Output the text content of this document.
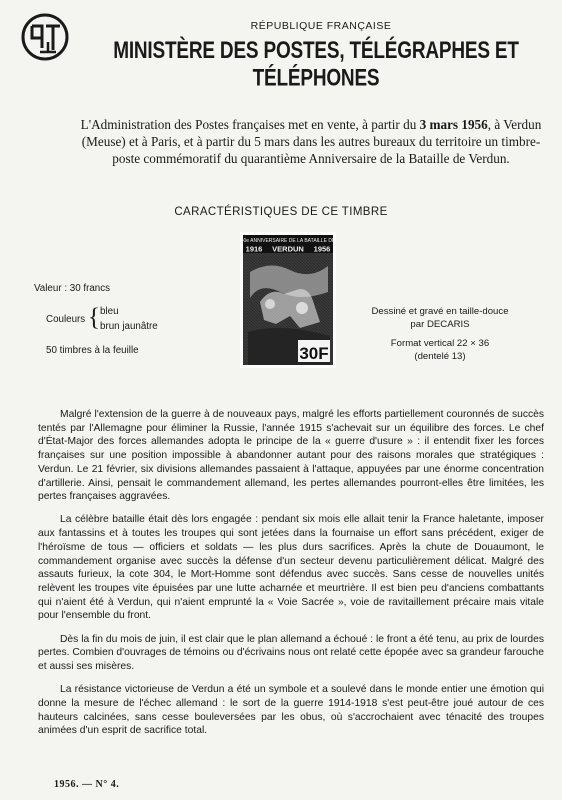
RÉPUBLIQUE FRANÇAISE
MINISTÈRE DES POSTES, TÉLÉGRAPHES ET TÉLÉPHONES
L'Administration des Postes françaises met en vente, à partir du 3 mars 1956, à Verdun (Meuse) et à Paris, et à partir du 5 mars dans les autres bureaux du territoire un timbre-poste commémoratif du quarantième Anniversaire de la Bataille de Verdun.
CARACTÉRISTIQUES DE CE TIMBRE
40e ANNIVERSAIRE DE LA BATAILLE DE
1916 VERDUN 1956
30F
Valeur : 30 francs
Couleurs { bleu
brun jaunâtre
50 timbres à la feuille
Dessiné et gravé en taille-douce
par DECARIS
Format vertical 22 × 36
(dentelé 13)

Malgré l'extension de la guerre à de nouveaux pays, malgré les efforts partiellement couronnés de succès tentés par l'Allemagne pour éliminer la Russie, l'année 1915 s'achevait sur un équilibre des forces. Le chef d'État-Major des forces allemandes adopta le principe de la « guerre d'usure » : il entendit fixer les forces françaises sur une position impossible à abandonner autant pour des raisons morales que stratégiques : Verdun. Le 21 février, six divisions allemandes passaient à l'attaque, appuyées par une énorme concentration d'artillerie. Ainsi, pensait le commandement allemand, les pertes allemandes pourront-elles être limitées, les pertes françaises aggravées.

La célèbre bataille était dès lors engagée : pendant six mois elle allait tenir la France haletante, imposer aux fantassins et à toutes les troupes qui sont jetées dans la fournaise un effort sans précédent, exiger de l'héroïsme de tous — officiers et soldats — les plus durs sacrifices. Après la chute de Douaumont, le commandement organise avec succès la défense d'un secteur devenu particulièrement délicat. Malgré des assauts furieux, la cote 304, le Mort-Homme sont défendus avec succès. Sans cesse de nouvelles unités relèvent les troupes vite épuisées par une lutte acharnée et meurtrière. Il est bien peu d'anciens combattants qui n'aient été à Verdun, qui n'aient emprunté la « Voie Sacrée », voie de ravitaillement précaire mais vitale pour l'ensemble du front.

Dès la fin du mois de juin, il est clair que le plan allemand a échoué : le front a été tenu, au prix de lourdes pertes. Combien d'ouvrages de témoins ou d'écrivains nous ont relaté cette épopée avec sa grandeur farouche et aussi ses misères.

La résistance victorieuse de Verdun a été un symbole et a soulevé dans le monde entier une émotion qui donne la mesure de l'échec allemand : le sort de la guerre 1914-1918 s'est peut-être joué autour de ces hauteurs calcinées, sans cesse bouleversées par les obus, où s'accrochaient avec ténacité des troupes animées d'un esprit de sacrifice total.

1956. — N° 4.
